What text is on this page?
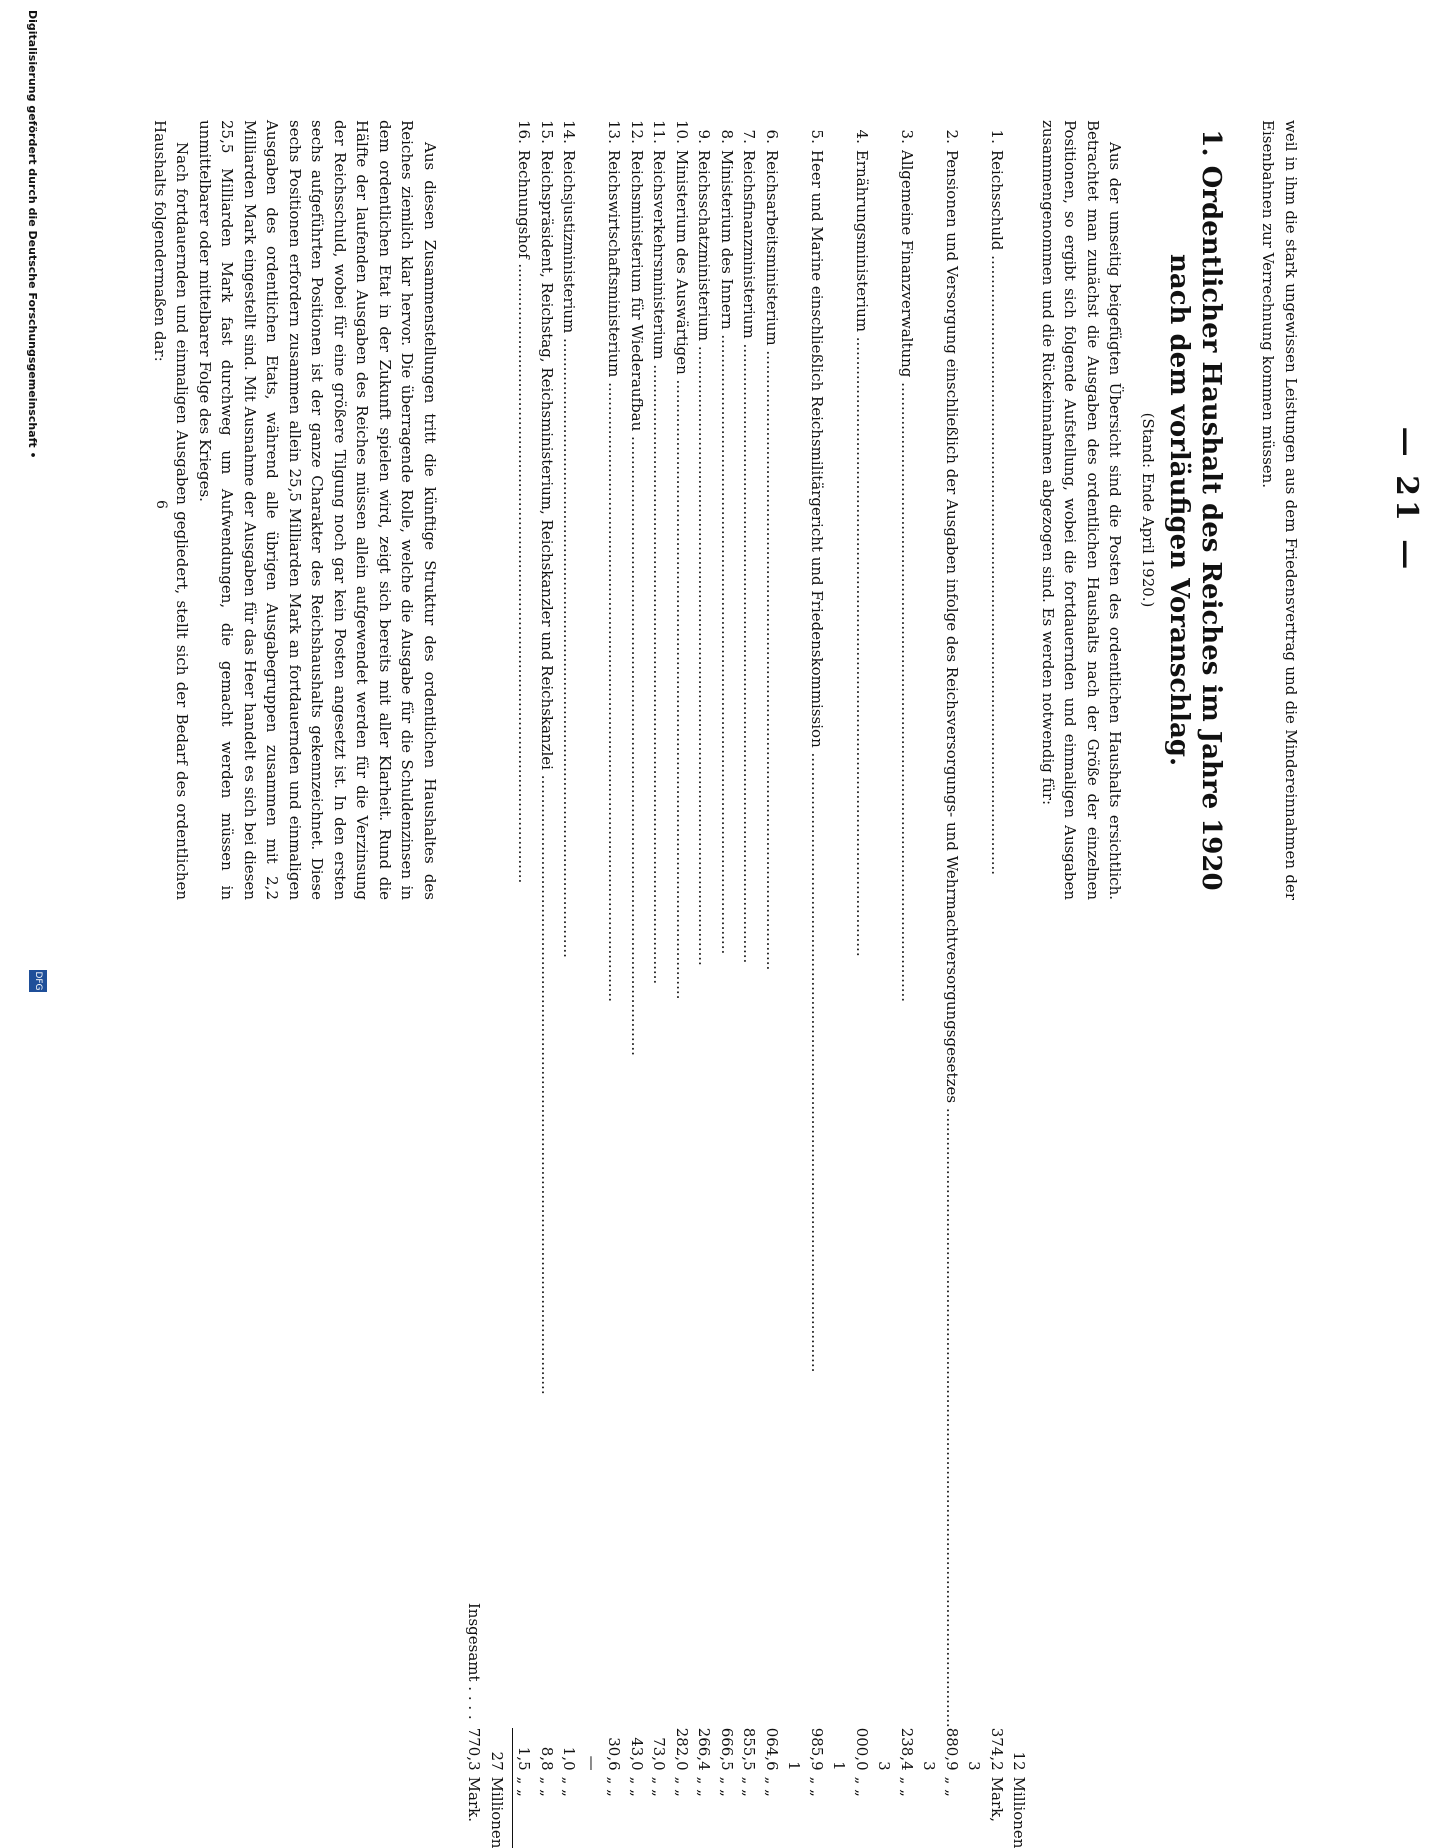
— 21 —

weil in ihm die stark ungewissen Leistungen aus dem Friedensvertrag und die Mindereinnahmen der Eisenbahnen zur Verrechnung kommen müssen.

1. Ordentlicher Haushalt des Reiches im Jahre 1920 nach dem vorläufigen Voranschlag.
(Stand: Ende April 1920.)

Aus der umseitig beigefügten Übersicht sind die Posten des ordentlichen Haushalts ersichtlich. Betrachtet man zunächst die Ausgaben des ordentlichen Haushalts nach der Größe der einzelnen Positionen, so ergibt sich folgende Aufstellung, wobei die fortdauernden und einmaligen Ausgaben zusammengenommen und die Rückeinnahmen abgezogen sind. Es werden notwendig für:

1.	Reichsschuld .....	12 374,2	Millionen Mark,
2.	Pensionen und Versorgung einschließlich der Ausgaben infolge des Reichsversorgungs- und Wehrmachtversorgungsgesetzes .....	3 880,9	„ „
3.	Allgemeine Finanzverwaltung .....	3 238,4	„ „
4.	Ernährungsministerium .....	3 000,0	„ „
5.	Heer und Marine einschließlich Reichsmilitärgericht und Friedenskommission .....	1 985,9	„ „
6.	Reichsarbeitsministerium .....	1 064,6	„ „
7.	Reichsfinanzministerium .....	855,5	„ „
8.	Ministerium des Innern .....	666,5	„ „
9.	Reichsschatzministerium .....	266,4	„ „
10.	Ministerium des Auswärtigen .....	282,0	„ „
11.	Reichsverkehrsministerium .....	73,0	„ „
12.	Reichsministerium für Wiederaufbau .....	43,0	„ „
13.	Reichswirtschaftsministerium .....	30,6	„ „
14.	Reichsjustizministerium .....	— 1,0	„ „
15.	Reichspräsident, Reichstag, Reichsministerium, Reichskanzler und Reichskanzlei .....	8,8	„ „
16.	Rechnungshof .....	1,5	„ „
	Insgesamt . . . .	27 770,3	Millionen Mark.

Aus diesen Zusammenstellungen tritt die künftige Struktur des ordentlichen Haushaltes des Reiches ziemlich klar hervor. Die überragende Rolle, welche die Ausgabe für die Schuldenzinsen in dem ordentlichen Etat in der Zukunft spielen wird, zeigt sich bereits mit aller Klarheit. Rund die Hälfte der laufenden Ausgaben des Reiches müssen allein aufgewendet werden für die Verzinsung der Reichsschuld, wobei für eine größere Tilgung noch gar kein Posten angesetzt ist. In den ersten sechs aufgeführten Positionen ist der ganze Charakter des Reichshaushalts gekennzeichnet. Diese sechs Positionen erfordern zusammen allein 25,5 Milliarden Mark an fortdauernden und einmaligen Ausgaben des ordentlichen Etats, während alle übrigen Ausgabegruppen zusammen mit 2,2 Milliarden Mark eingestellt sind. Mit Ausnahme der Ausgaben für das Heer handelt es sich bei diesen 25,5 Milliarden Mark fast durchweg um Aufwendungen, die gemacht werden müssen in unmittelbarer oder mittelbarer Folge des Krieges.

Nach fortdauernden und einmaligen Ausgaben gegliedert, stellt sich der Bedarf des ordentlichen Haushalts folgendermaßen dar:

6
Digitalisierung gefördert durch die Deutsche Forschungsgemeinschaft •
DFG
